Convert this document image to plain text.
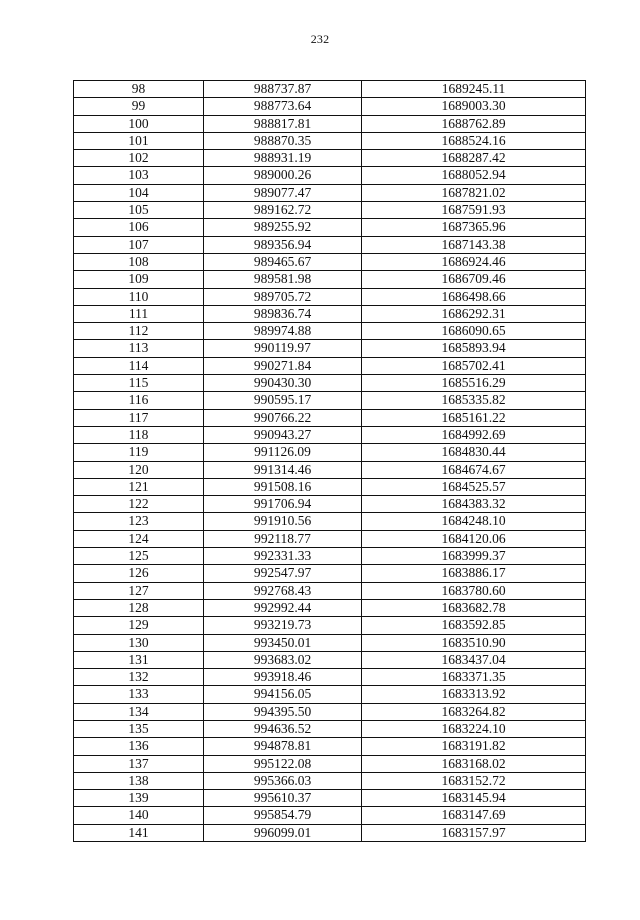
232
98	988737.87	1689245.11
99	988773.64	1689003.30
100	988817.81	1688762.89
101	988870.35	1688524.16
102	988931.19	1688287.42
103	989000.26	1688052.94
104	989077.47	1687821.02
105	989162.72	1687591.93
106	989255.92	1687365.96
107	989356.94	1687143.38
108	989465.67	1686924.46
109	989581.98	1686709.46
110	989705.72	1686498.66
111	989836.74	1686292.31
112	989974.88	1686090.65
113	990119.97	1685893.94
114	990271.84	1685702.41
115	990430.30	1685516.29
116	990595.17	1685335.82
117	990766.22	1685161.22
118	990943.27	1684992.69
119	991126.09	1684830.44
120	991314.46	1684674.67
121	991508.16	1684525.57
122	991706.94	1684383.32
123	991910.56	1684248.10
124	992118.77	1684120.06
125	992331.33	1683999.37
126	992547.97	1683886.17
127	992768.43	1683780.60
128	992992.44	1683682.78
129	993219.73	1683592.85
130	993450.01	1683510.90
131	993683.02	1683437.04
132	993918.46	1683371.35
133	994156.05	1683313.92
134	994395.50	1683264.82
135	994636.52	1683224.10
136	994878.81	1683191.82
137	995122.08	1683168.02
138	995366.03	1683152.72
139	995610.37	1683145.94
140	995854.79	1683147.69
141	996099.01	1683157.97
